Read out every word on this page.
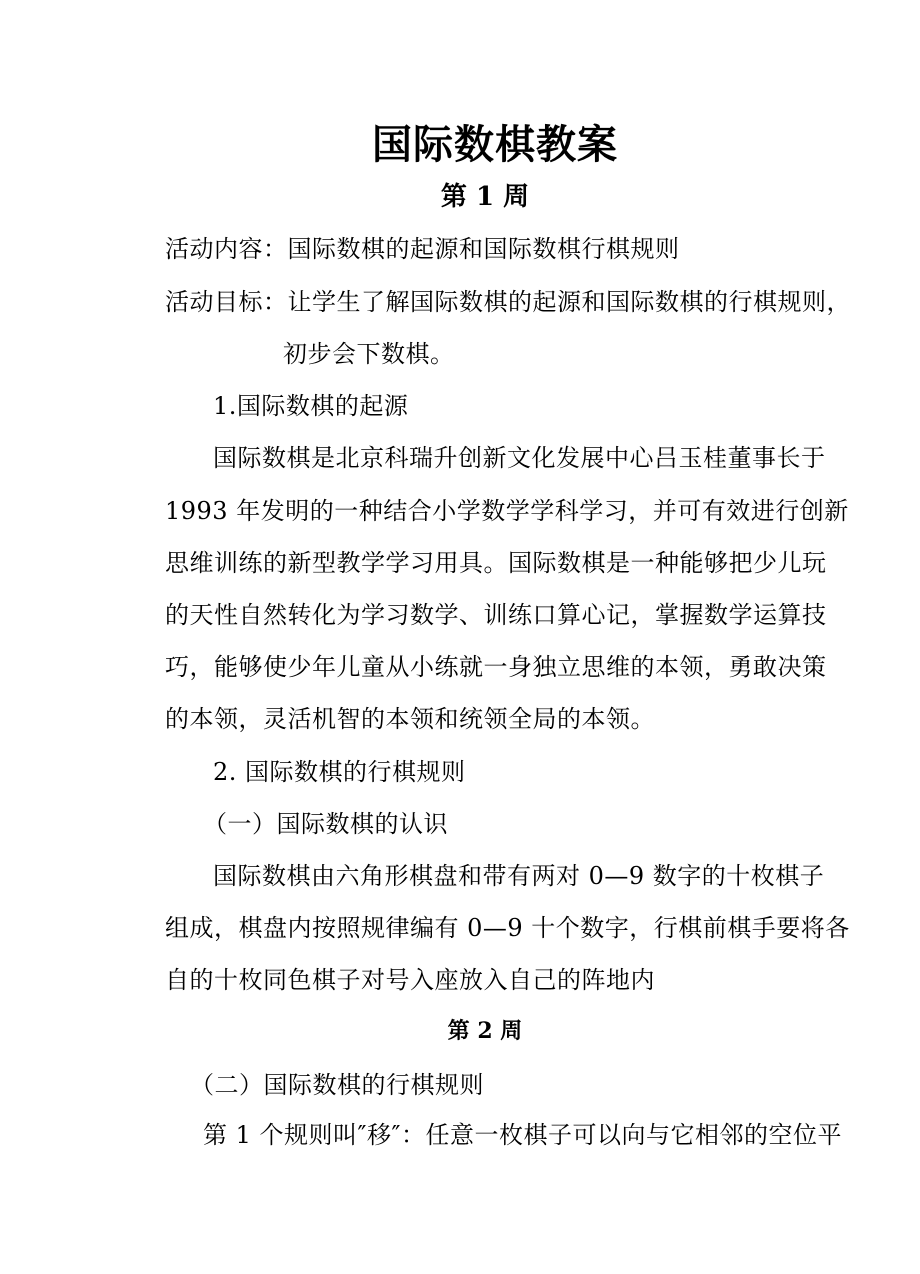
国际数棋教案
第 1 周
活动内容：国际数棋的起源和国际数棋行棋规则
活动目标：让学生了解国际数棋的起源和国际数棋的行棋规则，
初步会下数棋。
1.国际数棋的起源
国际数棋是北京科瑞升创新文化发展中心吕玉桂董事长于
1993 年发明的一种结合小学数学学科学习，并可有效进行创新
思维训练的新型教学学习用具。国际数棋是一种能够把少儿玩
的天性自然转化为学习数学、训练口算心记，掌握数学运算技
巧，能够使少年儿童从小练就一身独立思维的本领，勇敢决策
的本领，灵活机智的本领和统领全局的本领。
2. 国际数棋的行棋规则
（一）国际数棋的认识
国际数棋由六角形棋盘和带有两对 0—9 数字的十枚棋子
组成，棋盘内按照规律编有 0—9 十个数字，行棋前棋手要将各
自的十枚同色棋子对号入座放入自己的阵地内
第 2 周
（二）国际数棋的行棋规则
第 1 个规则叫″移″：任意一枚棋子可以向与它相邻的空位平
